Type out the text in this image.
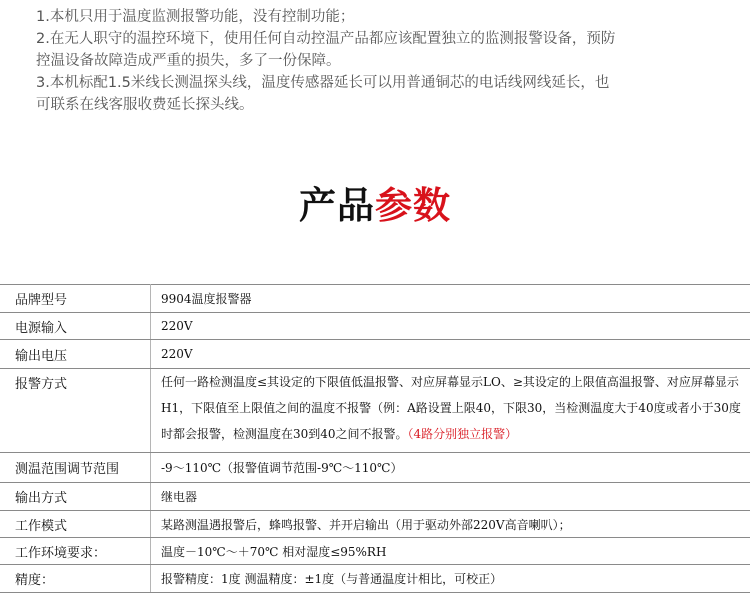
1.本机只用于温度监测报警功能，没有控制功能；
2.在无人职守的温控环境下，使用任何自动控温产品都应该配置独立的监测报警设备，预防
控温设备故障造成严重的损失，多了一份保障。
3.本机标配1.5米线长测温探头线，温度传感器延长可以用普通铜芯的电话线网线延长，也
可联系在线客服收费延长探头线。
产品参数
品牌型号	9904温度报警器
电源输入	220V
输出电压	220V
报警方式	任何一路检测温度≤其设定的下限值低温报警、对应屏幕显示LO、≥其设定的上限值高温报警、对应屏幕显示H1，下限值至上限值之间的温度不报警（例：A路设置上限40，下限30，当检测温度大于40度或者小于30度时都会报警，检测温度在30到40之间不报警。（4路分别独立报警）
测温范围调节范围	-9～110℃（报警值调节范围-9℃～110℃）
输出方式	继电器
工作模式	某路测温遇报警后，蜂鸣报警、并开启输出（用于驱动外部220V高音喇叭）；
工作环境要求：	温度－10℃～＋70℃ 相对湿度≤95%RH
精度：	报警精度：1度 测温精度：±1度（与普通温度计相比，可校正）
